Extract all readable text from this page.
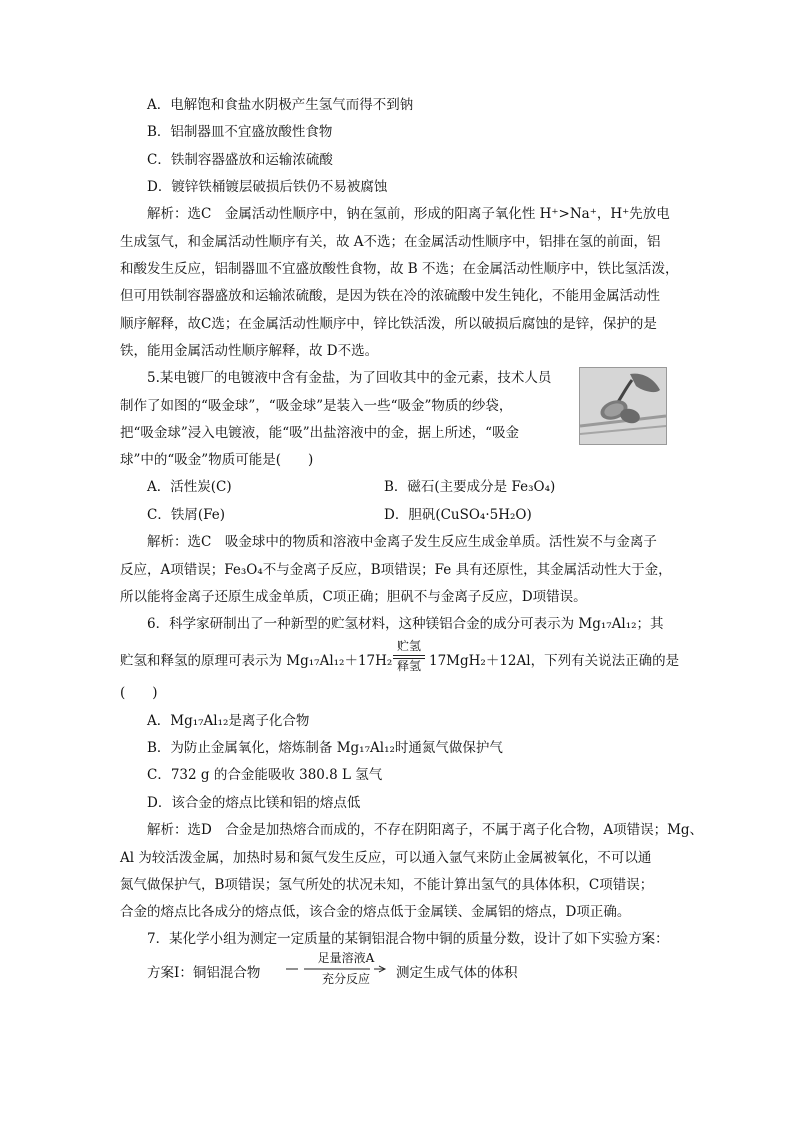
A．电解饱和食盐水阴极产生氢气而得不到钠
B．铝制器皿不宜盛放酸性食物
C．铁制容器盛放和运输浓硫酸
D．镀锌铁桶镀层破损后铁仍不易被腐蚀
解析：选C　金属活动性顺序中，钠在氢前，形成的阳离子氧化性 H⁺>Na⁺，H⁺先放电
生成氢气，和金属活动性顺序有关，故 A不选；在金属活动性顺序中，铝排在氢的前面，铝
和酸发生反应，铝制器皿不宜盛放酸性食物，故 B 不选；在金属活动性顺序中，铁比氢活泼，
但可用铁制容器盛放和运输浓硫酸，是因为铁在冷的浓硫酸中发生钝化，不能用金属活动性
顺序解释，故C选；在金属活动性顺序中，锌比铁活泼，所以破损后腐蚀的是锌，保护的是
铁，能用金属活动性顺序解释，故 D不选。
5.某电镀厂的电镀液中含有金盐，为了回收其中的金元素，技术人员
制作了如图的“吸金球”，“吸金球”是装入一些“吸金”物质的纱袋，
把“吸金球”浸入电镀液，能“吸”出盐溶液中的金，据上所述，“吸金
球”中的“吸金”物质可能是(　　)
A．活性炭(C)	B．磁石(主要成分是 Fe₃O₄)
C．铁屑(Fe)	D．胆矾(CuSO₄·5H₂O)
解析：选C　吸金球中的物质和溶液中金离子发生反应生成金单质。活性炭不与金离子
反应，A项错误；Fe₃O₄不与金离子反应，B项错误；Fe 具有还原性，其金属活动性大于金，
所以能将金离子还原生成金单质，C项正确；胆矾不与金离子反应，D项错误。
6．科学家研制出了一种新型的贮氢材料，这种镁铝合金的成分可表示为 Mg₁₇Al₁₂；其
贮氢和释氢的原理可表示为 Mg₁₇Al₁₂＋17H₂
贮氢
释氢 17MgH₂＋12Al，下列有关说法正确的是
(　　)
A．Mg₁₇Al₁₂是离子化合物
B．为防止金属氧化，熔炼制备 Mg₁₇Al₁₂时通氮气做保护气
C．732 g 的合金能吸收 380.8 L 氢气
D．该合金的熔点比镁和铝的熔点低
解析：选D　合金是加热熔合而成的，不存在阴阳离子，不属于离子化合物，A项错误；Mg、
Al 为较活泼金属，加热时易和氮气发生反应，可以通入氩气来防止金属被氧化，不可以通
氮气做保护气，B项错误；氢气所处的状况未知，不能计算出氢气的具体体积，C项错误；
合金的熔点比各成分的熔点低，该合金的熔点低于金属镁、金属铝的熔点，D项正确。
7．某化学小组为测定一定质量的某铜铝混合物中铜的质量分数，设计了如下实验方案：
方案Ⅰ：铜铝混合物
足量溶液A
充分反应	测定生成气体的体积
